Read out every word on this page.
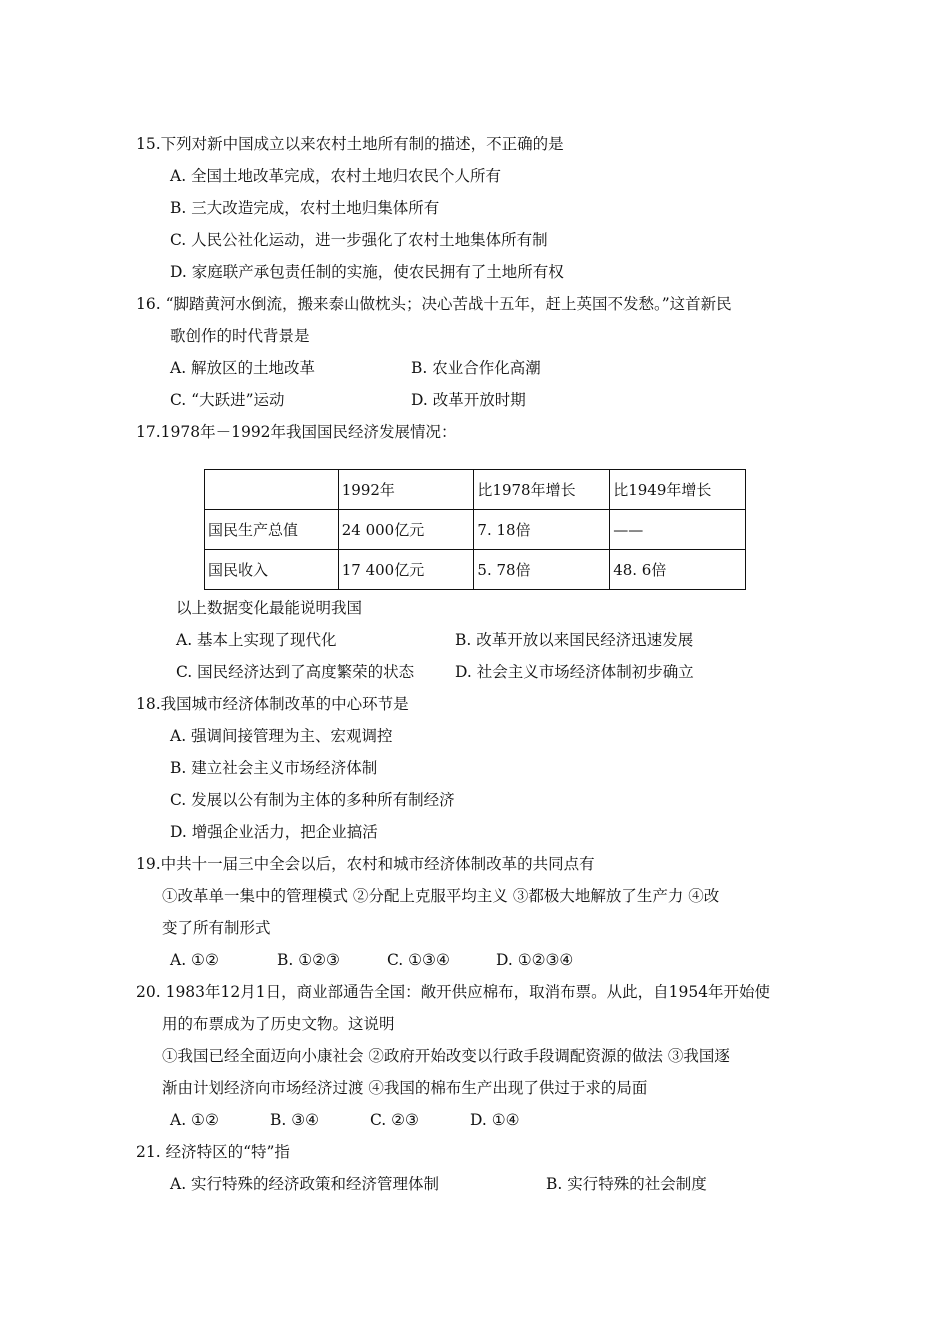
15.下列对新中国成立以来农村土地所有制的描述，不正确的是
A. 全国土地改革完成，农村土地归农民个人所有
B. 三大改造完成，农村土地归集体所有
C. 人民公社化运动，进一步强化了农村土地集体所有制
D. 家庭联产承包责任制的实施，使农民拥有了土地所有权
16. “脚踏黄河水倒流，搬来泰山做枕头；决心苦战十五年，赶上英国不发愁。”这首新民
歌创作的时代背景是
A. 解放区的土地改革	B. 农业合作化高潮
C. “大跃进”运动	D. 改革开放时期
17.1978年－1992年我国国民经济发展情况：
	1992年	比1978年增长	比1949年增长
国民生产总值	24 000亿元	7. 18倍	——
国民收入	17 400亿元	5. 78倍	48. 6倍
以上数据变化最能说明我国
A. 基本上实现了现代化	B. 改革开放以来国民经济迅速发展
C. 国民经济达到了高度繁荣的状态	D. 社会主义市场经济体制初步确立
18.我国城市经济体制改革的中心环节是
A. 强调间接管理为主、宏观调控
B. 建立社会主义市场经济体制
C. 发展以公有制为主体的多种所有制经济
D. 增强企业活力，把企业搞活
19.中共十一届三中全会以后，农村和城市经济体制改革的共同点有
①改革单一集中的管理模式 ②分配上克服平均主义 ③都极大地解放了生产力 ④改
变了所有制形式
A. ①②	B. ①②③	C. ①③④	D. ①②③④
20. 1983年12月1日，商业部通告全国：敞开供应棉布，取消布票。从此，自1954年开始使
用的布票成为了历史文物。这说明
①我国已经全面迈向小康社会 ②政府开始改变以行政手段调配资源的做法 ③我国逐
渐由计划经济向市场经济过渡 ④我国的棉布生产出现了供过于求的局面
A. ①②	B. ③④	C. ②③	D. ①④
21. 经济特区的“特”指
A. 实行特殊的经济政策和经济管理体制	B. 实行特殊的社会制度
